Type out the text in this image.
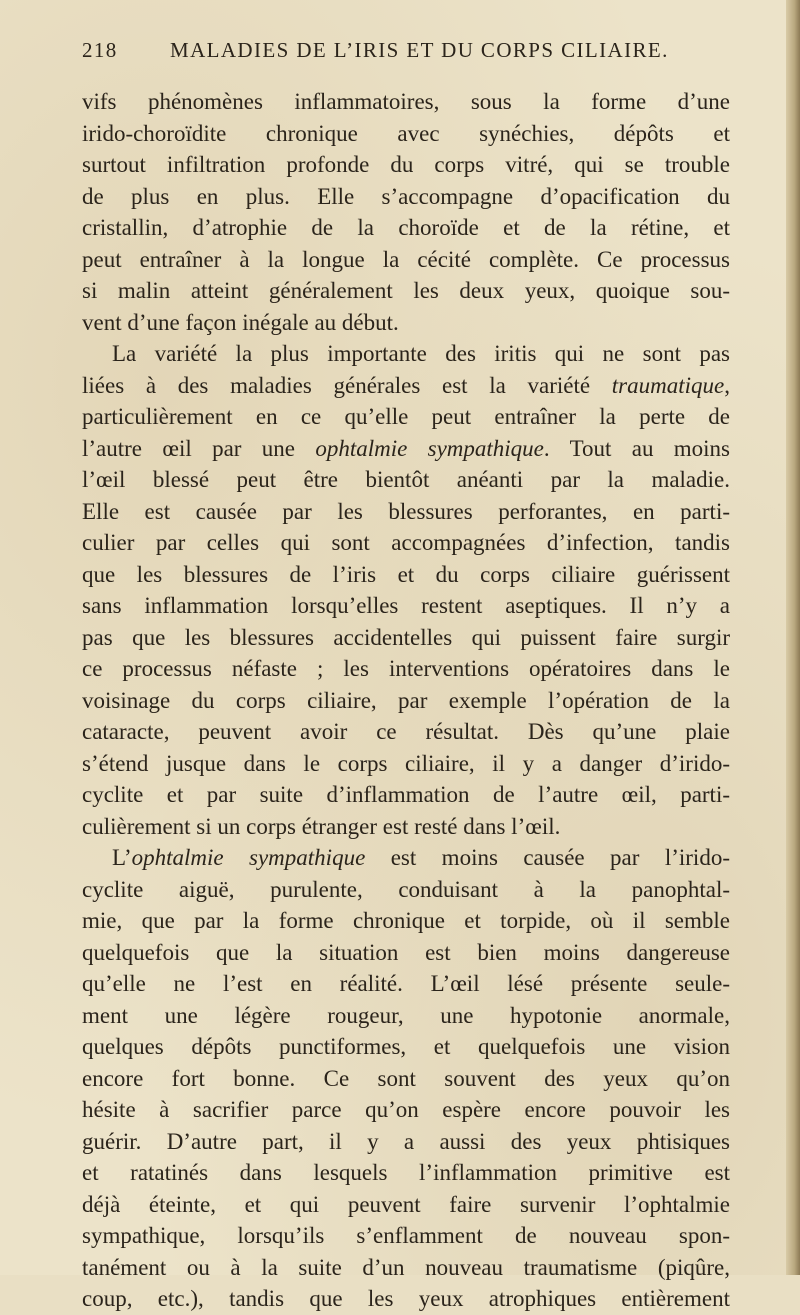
218 MALADIES DE L’IRIS ET DU CORPS CILIAIRE.
vifs phénomènes inflammatoires, sous la forme d’une
irido-choroïdite chronique avec synéchies, dépôts et
surtout infiltration profonde du corps vitré, qui se trouble
de plus en plus. Elle s’accompagne d’opacification du
cristallin, d’atrophie de la choroïde et de la rétine, et
peut entraîner à la longue la cécité complète. Ce processus
si malin atteint généralement les deux yeux, quoique sou-
vent d’une façon inégale au début.
La variété la plus importante des iritis qui ne sont pas
liées à des maladies générales est la variété traumatique,
particulièrement en ce qu’elle peut entraîner la perte de
l’autre œil par une ophtalmie sympathique. Tout au moins
l’œil blessé peut être bientôt anéanti par la maladie.
Elle est causée par les blessures perforantes, en parti-
culier par celles qui sont accompagnées d’infection, tandis
que les blessures de l’iris et du corps ciliaire guérissent
sans inflammation lorsqu’elles restent aseptiques. Il n’y a
pas que les blessures accidentelles qui puissent faire surgir
ce processus néfaste ; les interventions opératoires dans le
voisinage du corps ciliaire, par exemple l’opération de la
cataracte, peuvent avoir ce résultat. Dès qu’une plaie
s’étend jusque dans le corps ciliaire, il y a danger d’irido-
cyclite et par suite d’inflammation de l’autre œil, parti-
culièrement si un corps étranger est resté dans l’œil.
L’ophtalmie sympathique est moins causée par l’irido-
cyclite aiguë, purulente, conduisant à la panophtal-
mie, que par la forme chronique et torpide, où il semble
quelquefois que la situation est bien moins dangereuse
qu’elle ne l’est en réalité. L’œil lésé présente seule-
ment une légère rougeur, une hypotonie anormale,
quelques dépôts punctiformes, et quelquefois une vision
encore fort bonne. Ce sont souvent des yeux qu’on
hésite à sacrifier parce qu’on espère encore pouvoir les
guérir. D’autre part, il y a aussi des yeux phtisiques
et ratatinés dans lesquels l’inflammation primitive est
déjà éteinte, et qui peuvent faire survenir l’ophtalmie
sympathique, lorsqu’ils s’enflamment de nouveau spon-
tanément ou à la suite d’un nouveau traumatisme (piqûre,
coup, etc.), tandis que les yeux atrophiques entièrement
